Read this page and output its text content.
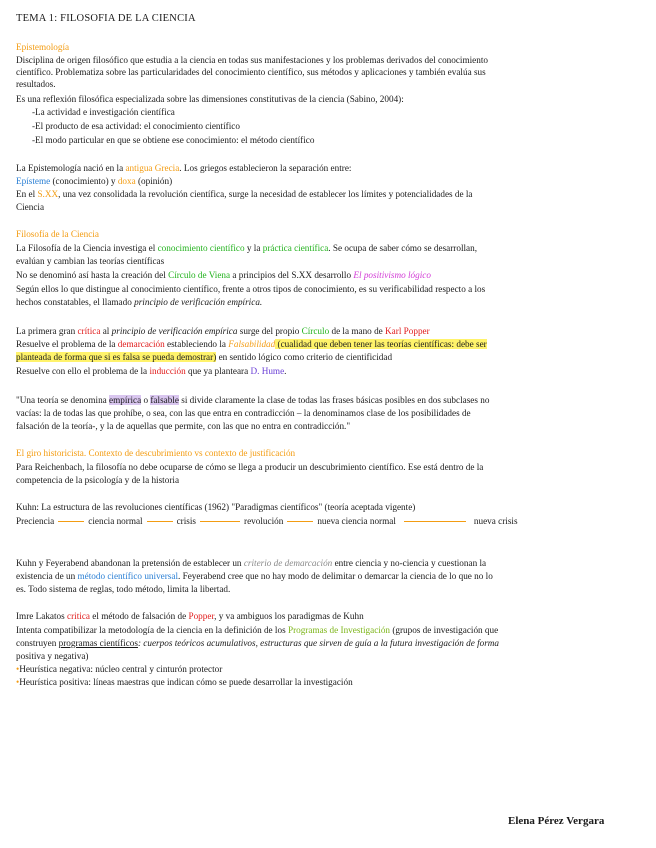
TEMA 1: FILOSOFIA DE LA CIENCIA
Epistemología
Disciplina de origen filosófico que estudia a la ciencia en todas sus manifestaciones y los problemas derivados del conocimiento
científico. Problematiza sobre las particularidades del conocimiento científico, sus métodos y aplicaciones y también evalúa sus
resultados.
Es una reflexión filosófica especializada sobre las dimensiones constitutivas de la ciencia (Sabino, 2004):
-La actividad e investigación científica
-El producto de esa actividad: el conocimiento científico
-El modo particular en que se obtiene ese conocimiento: el método científico
La Epistemología nació en la antigua Grecia. Los griegos establecieron la separación entre:
Epísteme (conocimiento) y doxa (opinión)
En el S.XX, una vez consolidada la revolución científica, surge la necesidad de establecer los límites y potencialidades de la
Ciencia
Filosofía de la Ciencia
La Filosofía de la Ciencia investiga el conocimiento científico y la práctica científica. Se ocupa de saber cómo se desarrollan,
evalúan y cambian las teorías científicas
No se denominó así hasta la creación del Círculo de Viena a principios del S.XX desarrollo El positivismo lógico
Según ellos lo que distingue al conocimiento científico, frente a otros tipos de conocimiento, es su verificabilidad respecto a los
hechos constatables, el llamado principio de verificación empírica.
La primera gran crítica al principio de verificación empírica surge del propio Círculo de la mano de Karl Popper
Resuelve el problema de la demarcación estableciendo la Falsabilidad (cualidad que deben tener las teorías científicas: debe ser
planteada de forma que si es falsa se pueda demostrar) en sentido lógico como criterio de cientificidad
Resuelve con ello el problema de la inducción que ya planteara D. Hume.
"Una teoría se denomina empírica o falsable si divide claramente la clase de todas las frases básicas posibles en dos subclases no
vacías: la de todas las que prohíbe, o sea, con las que entra en contradicción – la denominamos clase de los posibilidades de
falsación de la teoría-, y la de aquellas que permite, con las que no entra en contradicción."
El giro historicista. Contexto de descubrimiento vs contexto de justificación
Para Reichenbach, la filosofía no debe ocuparse de cómo se llega a producir un descubrimiento científico. Ese está dentro de la
competencia de la psicología y de la historia
Kuhn: La estructura de las revoluciones científicas (1962) "Paradigmas científicos" (teoría aceptada vigente)
Preciencia	ciencia normal	crisis	revolución	nueva ciencia normal	nueva crisis
Kuhn y Feyerabend abandonan la pretensión de establecer un criterio de demarcación entre ciencia y no-ciencia y cuestionan la
existencia de un método científico universal. Feyerabend cree que no hay modo de delimitar o demarcar la ciencia de lo que no lo
es. Todo sistema de reglas, todo método, limita la libertad.
Imre Lakatos critica el método de falsación de Popper, y va ambiguos los paradigmas de Kuhn
Intenta compatibilizar la metodología de la ciencia en la definición de los Programas de Investigación (grupos de investigación que
construyen programas científicos: cuerpos teóricos acumulativos, estructuras que sirven de guía a la futura investigación de forma
positiva y negativa)
•Heurística negativa: núcleo central y cinturón protector
•Heurística positiva: líneas maestras que indican cómo se puede desarrollar la investigación
Elena Pérez Vergara
